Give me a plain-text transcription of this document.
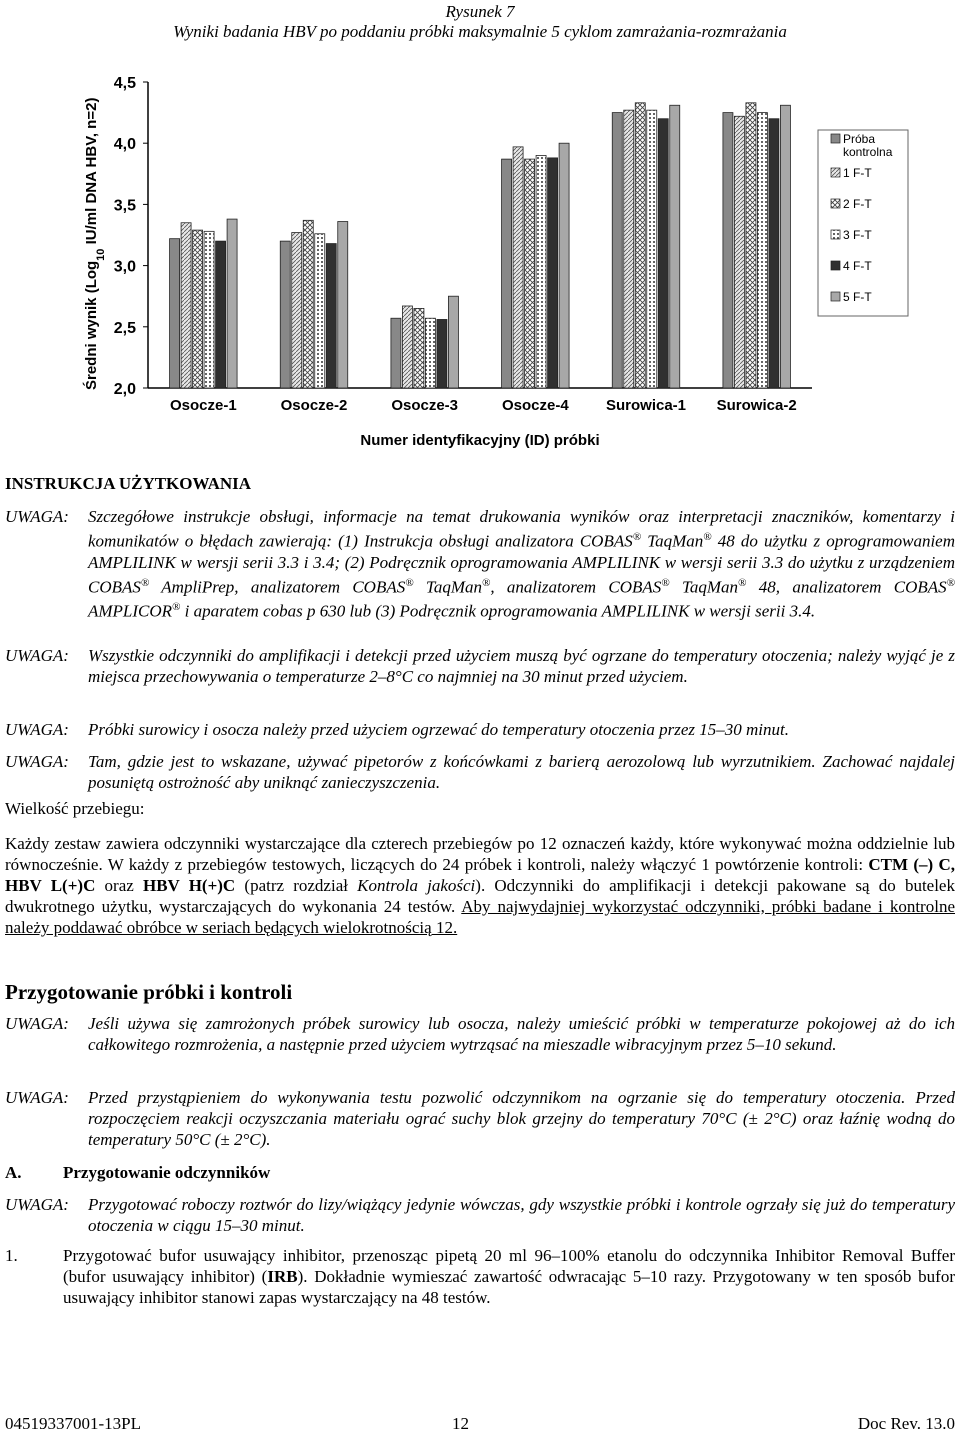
Rysunek 7
Wyniki badania HBV po poddaniu próbki maksymalnie 5 cyklom zamrażania-rozmrażania
2,0
2,5
3,0
3,5
4,0
4,5
Średni wynik (Log$_{10}$ IU/ml DNA HBV, n=2)
Osocze-1	Osocze-2	Osocze-3	Osocze-4 Surowica-1 Surowica-2
Numer identyfikacyjny (ID) próbki
Próba
kontrolna
1 F-T
2 F-T
3 F-T
4 F-T
5 F-T
INSTRUKCJA UŻYTKOWANIA
UWAGA: Szczegółowe instrukcje obsługi, informacje na temat drukowania wyników oraz interpretacji znaczników, komentarzy i komunikatów o błędach zawierają: (1) Instrukcja obsługi analizatora COBAS® TaqMan® 48 do użytku z oprogramowaniem AMPLILINK w wersji serii 3.3 i 3.4; (2) Podręcznik oprogramowania AMPLILINK w wersji serii 3.3 do użytku z urządzeniem COBAS® AmpliPrep, analizatorem COBAS® TaqMan®, analizatorem COBAS® TaqMan® 48, analizatorem COBAS® AMPLICOR® i aparatem cobas p 630 lub (3) Podręcznik oprogramowania AMPLILINK w wersji serii 3.4.
UWAGA: Wszystkie odczynniki do amplifikacji i detekcji przed użyciem muszą być ogrzane do temperatury otoczenia; należy wyjąć je z miejsca przechowywania o temperaturze 2–8°C co najmniej na 30 minut przed użyciem.
UWAGA: Próbki surowicy i osocza należy przed użyciem ogrzewać do temperatury otoczenia przez 15–30 minut.
UWAGA: Tam, gdzie jest to wskazane, używać pipetorów z końcówkami z barierą aerozolową lub wyrzutnikiem. Zachować najdalej posuniętą ostrożność aby uniknąć zanieczyszczenia.
Wielkość przebiegu:
Każdy zestaw zawiera odczynniki wystarczające dla czterech przebiegów po 12 oznaczeń każdy, które wykonywać można oddzielnie lub równocześnie. W każdy z przebiegów testowych, liczących do 24 próbek i kontroli, należy włączyć 1 powtórzenie kontroli: CTM (–) C, HBV L(+)C oraz HBV H(+)C (patrz rozdział Kontrola jakości). Odczynniki do amplifikacji i detekcji pakowane są do butelek dwukrotnego użytku, wystarczających do wykonania 24 testów. Aby najwydajniej wykorzystać odczynniki, próbki badane i kontrolne należy poddawać obróbce w seriach będących wielokrotnością 12.
Przygotowanie próbki i kontroli
UWAGA: Jeśli używa się zamrożonych próbek surowicy lub osocza, należy umieścić próbki w temperaturze pokojowej aż do ich całkowitego rozmrożenia, a następnie przed użyciem wytrząsać na mieszadle wibracyjnym przez 5–10 sekund.
UWAGA: Przed przystąpieniem do wykonywania testu pozwolić odczynnikom na ogrzanie się do temperatury otoczenia. Przed rozpoczęciem reakcji oczyszczania materiału ograć suchy blok grzejny do temperatury 70°C (± 2°C) oraz łaźnię wodną do temperatury 50°C (± 2°C).
A.	Przygotowanie odczynników
UWAGA: Przygotować roboczy roztwór do lizy/wiążący jedynie wówczas, gdy wszystkie próbki i kontrole ogrzały się już do temperatury otoczenia w ciągu 15–30 minut.
1.	Przygotować bufor usuwający inhibitor, przenosząc pipetą 20 ml 96–100% etanolu do odczynnika Inhibitor Removal Buffer (bufor usuwający inhibitor) (IRB). Dokładnie wymieszać zawartość odwracając 5–10 razy. Przygotowany w ten sposób bufor usuwający inhibitor stanowi zapas wystarczający na 48 testów.
04519337001-13PL	12	Doc Rev. 13.0
